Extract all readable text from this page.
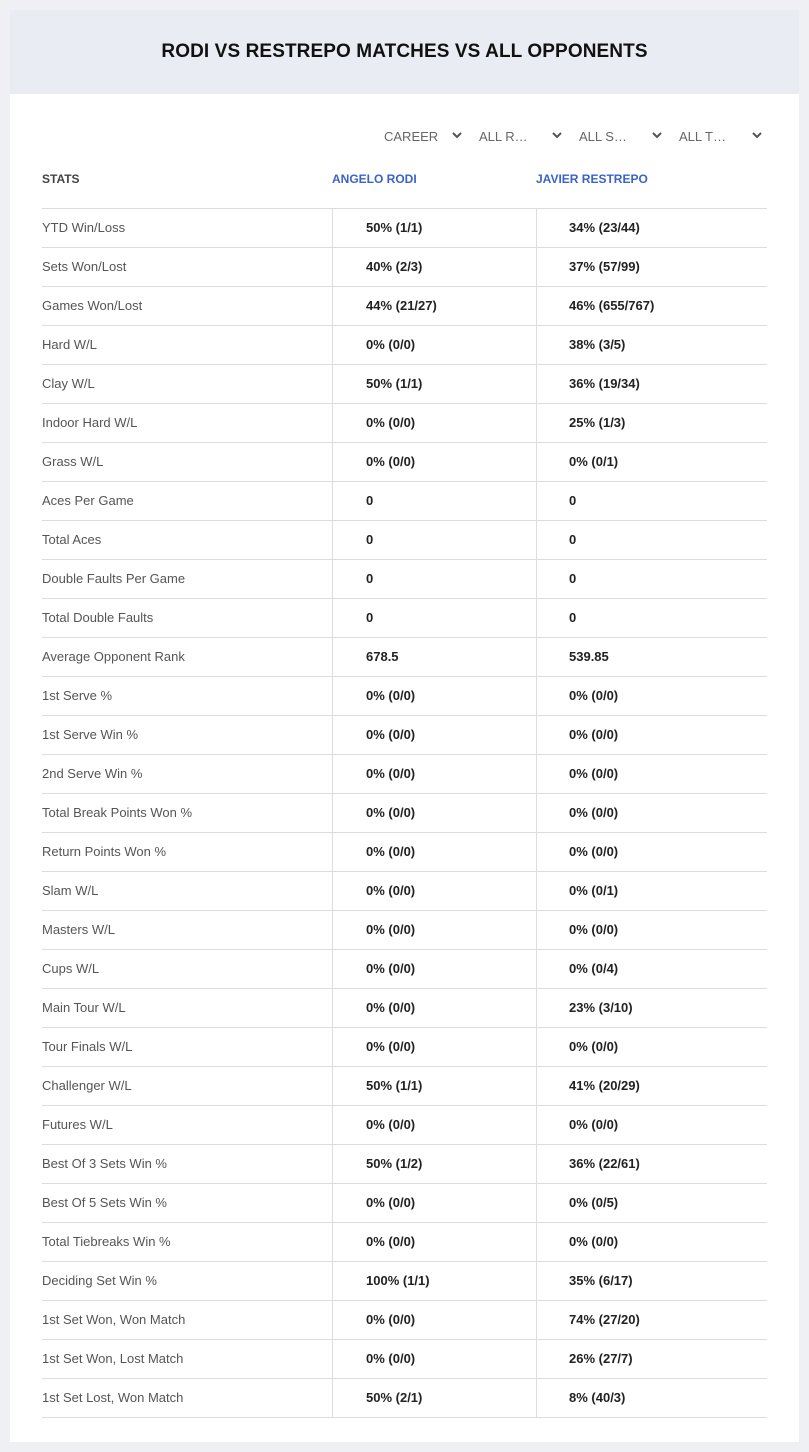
RODI VS RESTREPO MATCHES VS ALL OPPONENTS
CAREER	ALL R…	ALL S…	ALL T…
STATS	ANGELO RODI	JAVIER RESTREPO
YTD Win/Loss	50% (1/1)	34% (23/44)
Sets Won/Lost	40% (2/3)	37% (57/99)
Games Won/Lost	44% (21/27)	46% (655/767)
Hard W/L	0% (0/0)	38% (3/5)
Clay W/L	50% (1/1)	36% (19/34)
Indoor Hard W/L	0% (0/0)	25% (1/3)
Grass W/L	0% (0/0)	0% (0/1)
Aces Per Game	0	0
Total Aces	0	0
Double Faults Per Game	0	0
Total Double Faults	0	0
Average Opponent Rank	678.5	539.85
1st Serve %	0% (0/0)	0% (0/0)
1st Serve Win %	0% (0/0)	0% (0/0)
2nd Serve Win %	0% (0/0)	0% (0/0)
Total Break Points Won %	0% (0/0)	0% (0/0)
Return Points Won %	0% (0/0)	0% (0/0)
Slam W/L	0% (0/0)	0% (0/1)
Masters W/L	0% (0/0)	0% (0/0)
Cups W/L	0% (0/0)	0% (0/4)
Main Tour W/L	0% (0/0)	23% (3/10)
Tour Finals W/L	0% (0/0)	0% (0/0)
Challenger W/L	50% (1/1)	41% (20/29)
Futures W/L	0% (0/0)	0% (0/0)
Best Of 3 Sets Win %	50% (1/2)	36% (22/61)
Best Of 5 Sets Win %	0% (0/0)	0% (0/5)
Total Tiebreaks Win %	0% (0/0)	0% (0/0)
Deciding Set Win %	100% (1/1)	35% (6/17)
1st Set Won, Won Match	0% (0/0)	74% (27/20)
1st Set Won, Lost Match	0% (0/0)	26% (27/7)
1st Set Lost, Won Match	50% (2/1)	8% (40/3)
